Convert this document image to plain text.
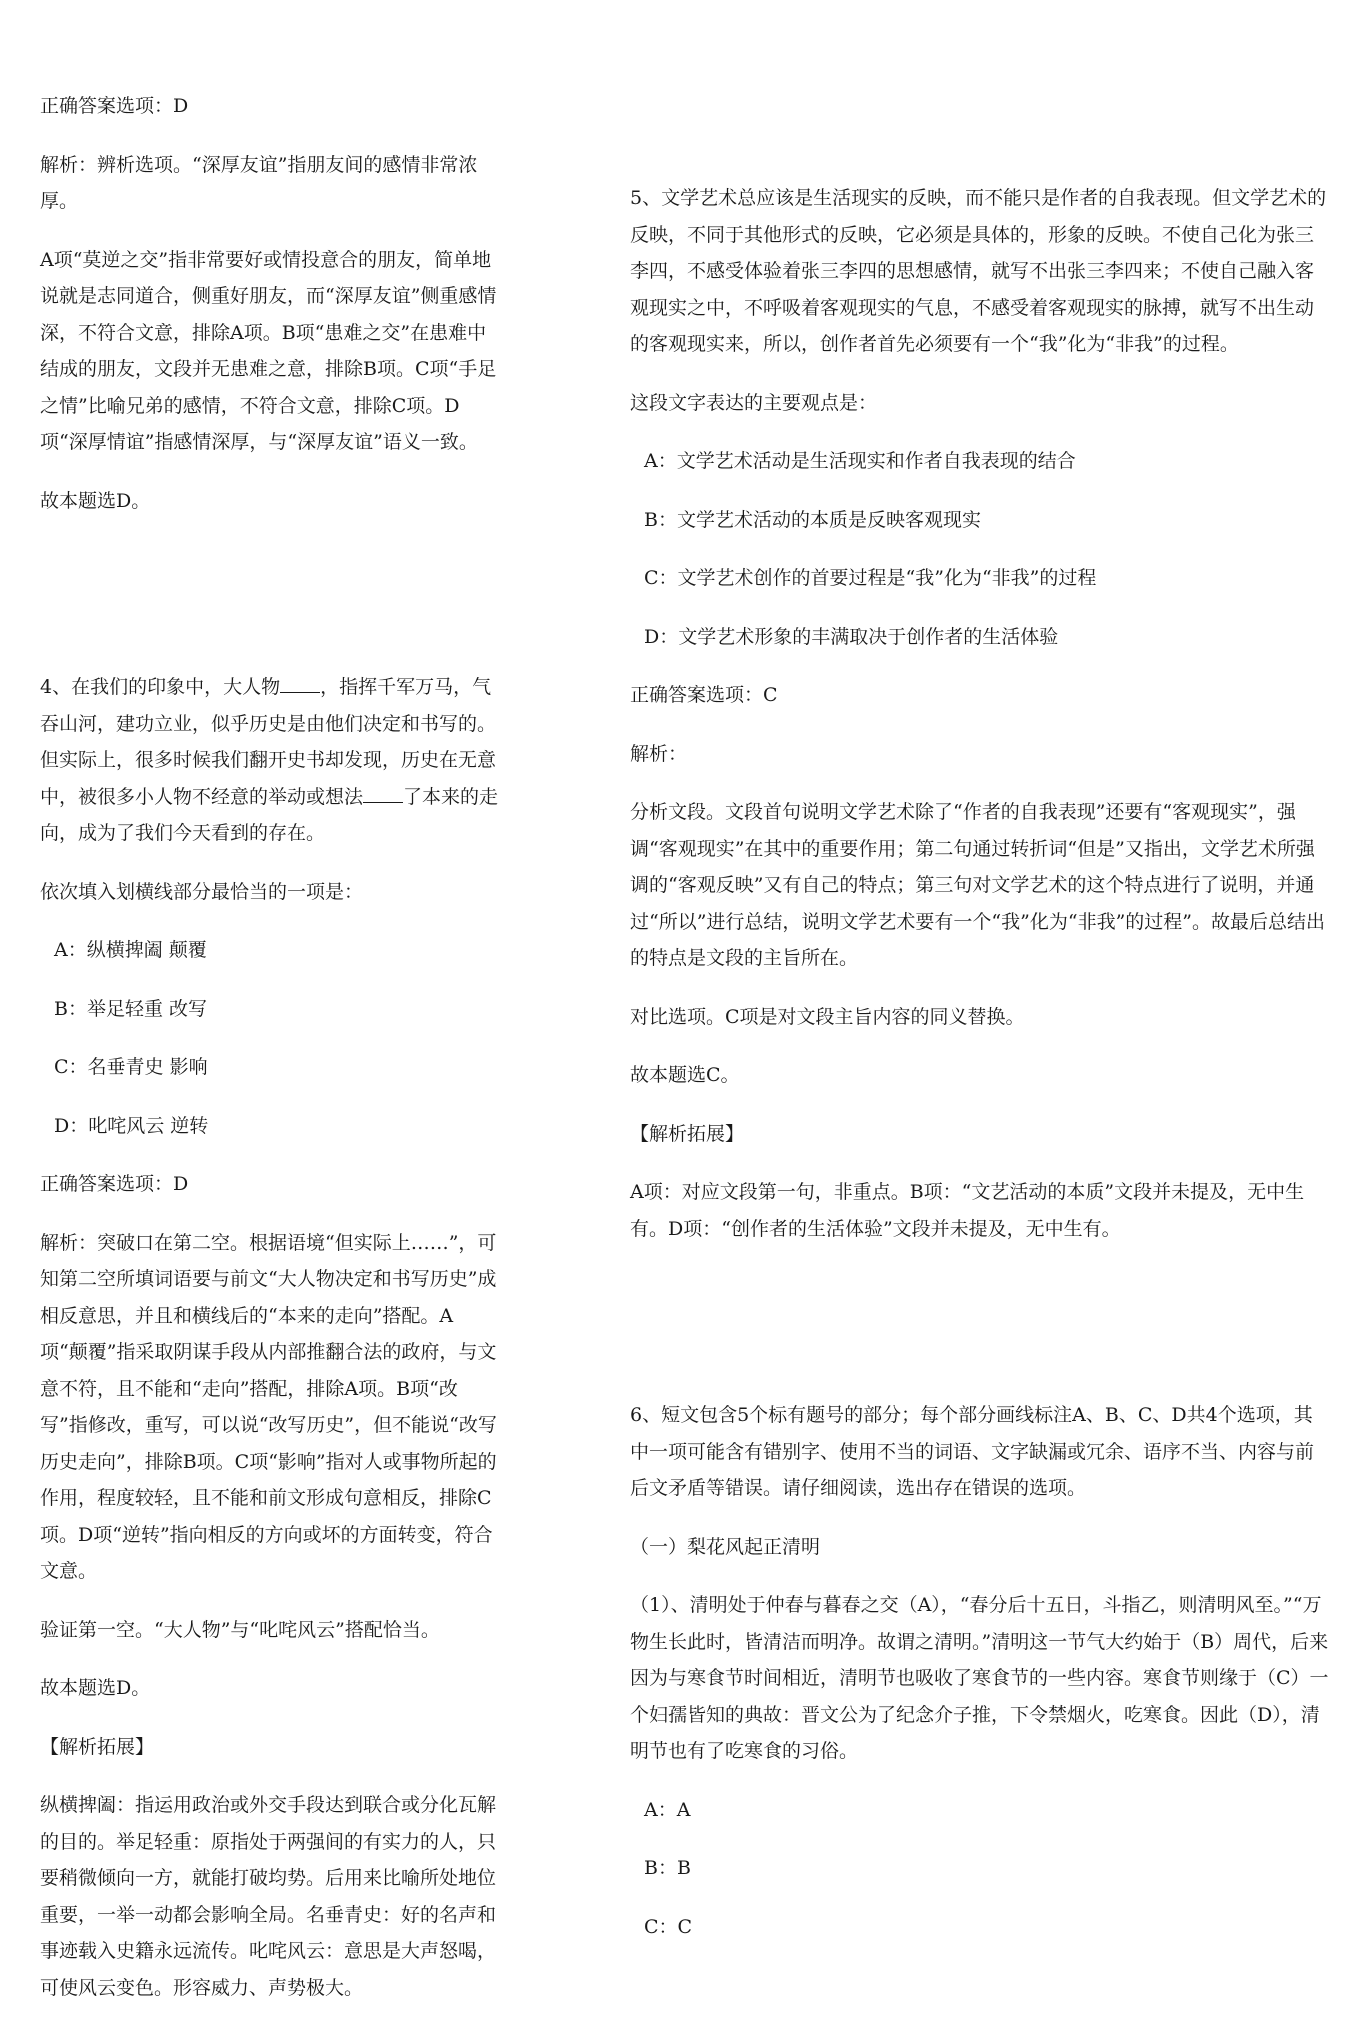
正确答案选项：D

解析：辨析选项。“深厚友谊”指朋友间的感情非常浓厚。

A项“莫逆之交”指非常要好或情投意合的朋友，简单地说就是志同道合，侧重好朋友，而“深厚友谊”侧重感情深，不符合文意，排除A项。B项“患难之交”在患难中结成的朋友，文段并无患难之意，排除B项。C项“手足之情”比喻兄弟的感情，不符合文意，排除C项。D项“深厚情谊”指感情深厚，与“深厚友谊”语义一致。

故本题选D。

4、在我们的印象中，大人物 ，指挥千军万马，气吞山河，建功立业，似乎历史是由他们决定和书写的。但实际上，很多时候我们翻开史书却发现，历史在无意中，被很多小人物不经意的举动或想法 了本来的走向，成为了我们今天看到的存在。

依次填入划横线部分最恰当的一项是：

A：纵横捭阖 颠覆

B：举足轻重 改写

C：名垂青史 影响

D：叱咤风云 逆转

正确答案选项：D

解析：突破口在第二空。根据语境“但实际上……”，可知第二空所填词语要与前文“大人物决定和书写历史”成相反意思，并且和横线后的“本来的走向”搭配。A项“颠覆”指采取阴谋手段从内部推翻合法的政府，与文意不符，且不能和“走向”搭配，排除A项。B项“改写”指修改，重写，可以说“改写历史”，但不能说“改写历史走向”，排除B项。C项“影响”指对人或事物所起的作用，程度较轻，且不能和前文形成句意相反，排除C项。D项“逆转”指向相反的方向或坏的方面转变，符合文意。

验证第一空。“大人物”与“叱咤风云”搭配恰当。

故本题选D。

【解析拓展】

纵横捭阖：指运用政治或外交手段达到联合或分化瓦解的目的。举足轻重：原指处于两强间的有实力的人，只要稍微倾向一方，就能打破均势。后用来比喻所处地位重要，一举一动都会影响全局。名垂青史：好的名声和事迹载入史籍永远流传。叱咤风云：意思是大声怒喝，可使风云变色。形容威力、声势极大。

5、文学艺术总应该是生活现实的反映，而不能只是作者的自我表现。但文学艺术的反映，不同于其他形式的反映，它必须是具体的，形象的反映。不使自己化为张三李四，不感受体验着张三李四的思想感情，就写不出张三李四来；不使自己融入客观现实之中，不呼吸着客观现实的气息，不感受着客观现实的脉搏，就写不出生动的客观现实来，所以，创作者首先必须要有一个“我”化为“非我”的过程。

这段文字表达的主要观点是：

A：文学艺术活动是生活现实和作者自我表现的结合

B：文学艺术活动的本质是反映客观现实

C：文学艺术创作的首要过程是“我”化为“非我”的过程

D：文学艺术形象的丰满取决于创作者的生活体验

正确答案选项：C

解析：

分析文段。文段首句说明文学艺术除了“作者的自我表现”还要有“客观现实”，强调“客观现实”在其中的重要作用；第二句通过转折词“但是”又指出，文学艺术所强调的“客观反映”又有自己的特点；第三句对文学艺术的这个特点进行了说明，并通过“所以”进行总结，说明文学艺术要有一个“我”化为“非我”的过程”。故最后总结出的特点是文段的主旨所在。

对比选项。C项是对文段主旨内容的同义替换。

故本题选C。

【解析拓展】

A项：对应文段第一句，非重点。B项：“文艺活动的本质”文段并未提及，无中生有。D项：“创作者的生活体验”文段并未提及，无中生有。

6、短文包含5个标有题号的部分；每个部分画线标注A、B、C、D共4个选项，其中一项可能含有错别字、使用不当的词语、文字缺漏或冗余、语序不当、内容与前后文矛盾等错误。请仔细阅读，选出存在错误的选项。

（一）梨花风起正清明

（1）、清明处于仲春与暮春之交（A），“春分后十五日，斗指乙，则清明风至。”“万物生长此时，皆清洁而明净。故谓之清明。”清明这一节气大约始于（B）周代，后来因为与寒食节时间相近，清明节也吸收了寒食节的一些内容。寒食节则缘于（C）一个妇孺皆知的典故：晋文公为了纪念介子推，下令禁烟火，吃寒食。因此（D），清明节也有了吃寒食的习俗。

A：A

B：B

C：C
